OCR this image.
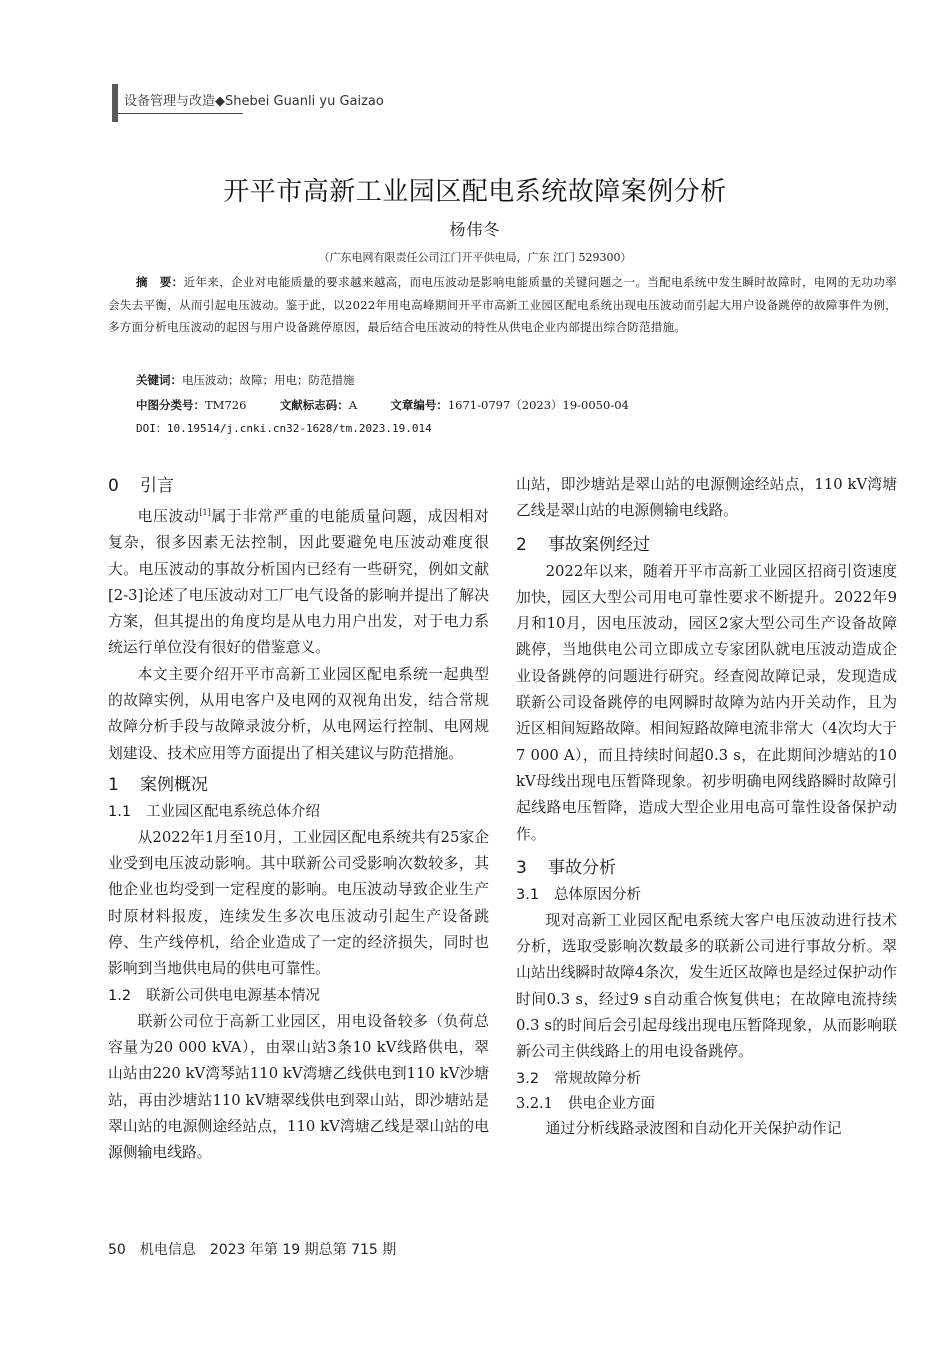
设备管理与改造◆Shebei Guanli yu Gaizao
开平市高新工业园区配电系统故障案例分析
杨伟冬
（广东电网有限责任公司江门开平供电局，广东 江门 529300）
摘　要：近年来，企业对电能质量的要求越来越高，而电压波动是影响电能质量的关键问题之一。当配电系统中发生瞬时故障时，电网的无功功率会失去平衡，从而引起电压波动。鉴于此，以2022年用电高峰期间开平市高新工业园区配电系统出现电压波动而引起大用户设备跳停的故障事件为例，多方面分析电压波动的起因与用户设备跳停原因，最后结合电压波动的特性从供电企业内部提出综合防范措施。
关键词：电压波动；故障；用电；防范措施
中图分类号：TM726	文献标志码：A	文章编号：1671-0797（2023）19-0050-04
DOI：10.19514/j.cnki.cn32-1628/tm.2023.19.014
0 引言

电压波动[1]属于非常严重的电能质量问题，成因相对复杂，很多因素无法控制，因此要避免电压波动难度很大。电压波动的事故分析国内已经有一些研究，例如文献[2-3]论述了电压波动对工厂电气设备的影响并提出了解决方案，但其提出的角度均是从电力用户出发，对于电力系统运行单位没有很好的借鉴意义。

本文主要介绍开平市高新工业园区配电系统一起典型的故障实例，从用电客户及电网的双视角出发，结合常规故障分析手段与故障录波分析，从电网运行控制、电网规划建设、技术应用等方面提出了相关建议与防范措施。

1 案例概况
1.1 工业园区配电系统总体介绍

从2022年1月至10月，工业园区配电系统共有25家企业受到电压波动影响。其中联新公司受影响次数较多，其他企业也均受到一定程度的影响。电压波动导致企业生产时原材料报废，连续发生多次电压波动引起生产设备跳停、生产线停机，给企业造成了一定的经济损失，同时也影响到当地供电局的供电可靠性。

1.2 联新公司供电电源基本情况

联新公司位于高新工业园区，用电设备较多（负荷总容量为20 000 kVA），由翠山站3条10 kV线路供电，翠山站由220 kV湾琴站110 kV湾塘乙线供电到110 kV沙塘站，再由沙塘站110 kV塘翠线供电到翠山站，即沙塘站是翠山站的电源侧途经站点，110 kV湾塘乙线是翠山站的电源侧输电线路。

山站，即沙塘站是翠山站的电源侧途经站点，110 kV湾塘乙线是翠山站的电源侧输电线路。

2 事故案例经过

2022年以来，随着开平市高新工业园区招商引资速度加快，园区大型公司用电可靠性要求不断提升。2022年9月和10月，因电压波动，园区2家大型公司生产设备故障跳停，当地供电公司立即成立专家团队就电压波动造成企业设备跳停的问题进行研究。经查阅故障记录，发现造成联新公司设备跳停的电网瞬时故障为站内开关动作，且为近区相间短路故障。相间短路故障电流非常大（4次均大于7 000 A），而且持续时间超0.3 s，在此期间沙塘站的10 kV母线出现电压暂降现象。初步明确电网线路瞬时故障引起线路电压暂降，造成大型企业用电高可靠性设备保护动作。

3 事故分析
3.1 总体原因分析

现对高新工业园区配电系统大客户电压波动进行技术分析，选取受影响次数最多的联新公司进行事故分析。翠山站出线瞬时故障4条次，发生近区故障也是经过保护动作时间0.3 s，经过9 s自动重合恢复供电；在故障电流持续0.3 s的时间后会引起母线出现电压暂降现象，从而影响联新公司主供线路上的用电设备跳停。

3.2 常规故障分析
3.2.1 供电企业方面

通过分析线路录波图和自动化开关保护动作记

50 机电信息 2023 年第 19 期总第 715 期
